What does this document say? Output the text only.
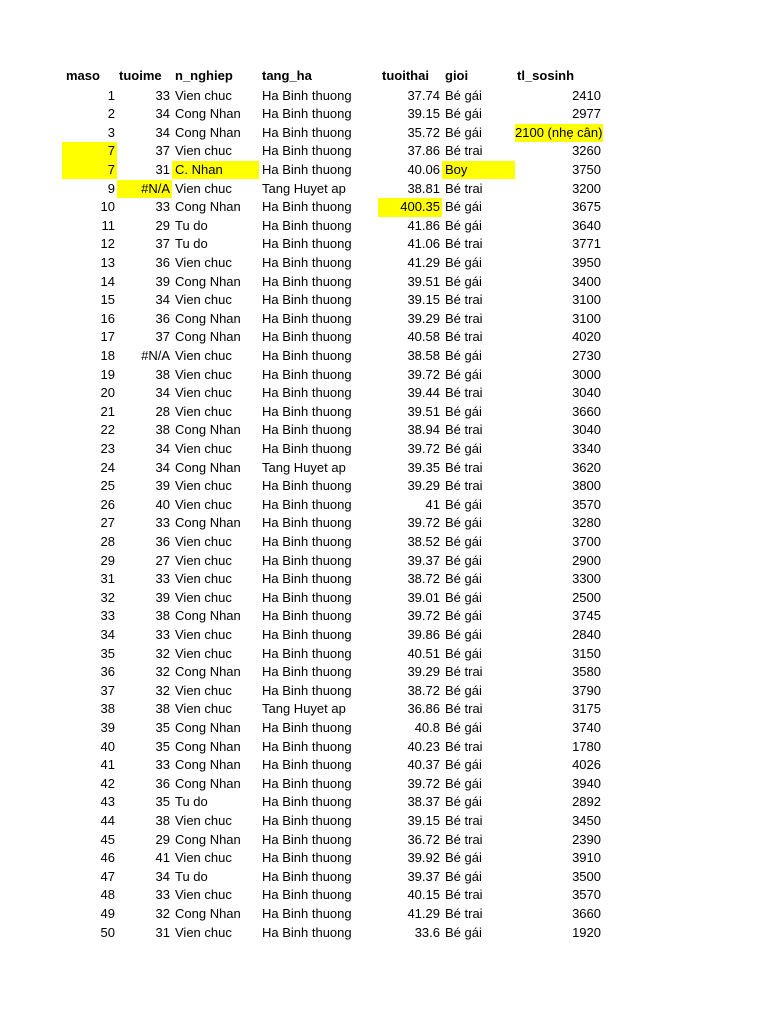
maso	tuoime	n_nghiep	tang_ha	tuoithai	gioi	tl_sosinh
1	33 Vien chuc	Ha Binh thuong	37.74 Bé gái	2410
2	34 Cong Nhan	Ha Binh thuong	39.15 Bé gái	2977
3	34 Cong Nhan	Ha Binh thuong	35.72 Bé gái	2100 (nhẹ cân)
7	37 Vien chuc	Ha Binh thuong	37.86 Bé trai	3260
7	31 C. Nhan	Ha Binh thuong	40.06 Boy	3750
9	#N/A Vien chuc	Tang Huyet ap	38.81 Bé trai	3200
10	33 Cong Nhan	Ha Binh thuong	400.35 Bé gái	3675
11	29 Tu do	Ha Binh thuong	41.86 Bé gái	3640
12	37 Tu do	Ha Binh thuong	41.06 Bé trai	3771
13	36 Vien chuc	Ha Binh thuong	41.29 Bé gái	3950
14	39 Cong Nhan	Ha Binh thuong	39.51 Bé gái	3400
15	34 Vien chuc	Ha Binh thuong	39.15 Bé trai	3100
16	36 Cong Nhan	Ha Binh thuong	39.29 Bé trai	3100
17	37 Cong Nhan	Ha Binh thuong	40.58 Bé trai	4020
18	#N/A Vien chuc	Ha Binh thuong	38.58 Bé gái	2730
19	38 Vien chuc	Ha Binh thuong	39.72 Bé gái	3000
20	34 Vien chuc	Ha Binh thuong	39.44 Bé trai	3040
21	28 Vien chuc	Ha Binh thuong	39.51 Bé gái	3660
22	38 Cong Nhan	Ha Binh thuong	38.94 Bé trai	3040
23	34 Vien chuc	Ha Binh thuong	39.72 Bé gái	3340
24	34 Cong Nhan	Tang Huyet ap	39.35 Bé trai	3620
25	39 Vien chuc	Ha Binh thuong	39.29 Bé trai	3800
26	40 Vien chuc	Ha Binh thuong	41 Bé gái	3570
27	33 Cong Nhan	Ha Binh thuong	39.72 Bé gái	3280
28	36 Vien chuc	Ha Binh thuong	38.52 Bé gái	3700
29	27 Vien chuc	Ha Binh thuong	39.37 Bé gái	2900
31	33 Vien chuc	Ha Binh thuong	38.72 Bé gái	3300
32	39 Vien chuc	Ha Binh thuong	39.01 Bé gái	2500
33	38 Cong Nhan	Ha Binh thuong	39.72 Bé gái	3745
34	33 Vien chuc	Ha Binh thuong	39.86 Bé gái	2840
35	32 Vien chuc	Ha Binh thuong	40.51 Bé gái	3150
36	32 Cong Nhan	Ha Binh thuong	39.29 Bé trai	3580
37	32 Vien chuc	Ha Binh thuong	38.72 Bé gái	3790
38	38 Vien chuc	Tang Huyet ap	36.86 Bé trai	3175
39	35 Cong Nhan	Ha Binh thuong	40.8 Bé gái	3740
40	35 Cong Nhan	Ha Binh thuong	40.23 Bé trai	1780
41	33 Cong Nhan	Ha Binh thuong	40.37 Bé gái	4026
42	36 Cong Nhan	Ha Binh thuong	39.72 Bé gái	3940
43	35 Tu do	Ha Binh thuong	38.37 Bé gái	2892
44	38 Vien chuc	Ha Binh thuong	39.15 Bé trai	3450
45	29 Cong Nhan	Ha Binh thuong	36.72 Bé trai	2390
46	41 Vien chuc	Ha Binh thuong	39.92 Bé gái	3910
47	34 Tu do	Ha Binh thuong	39.37 Bé gái	3500
48	33 Vien chuc	Ha Binh thuong	40.15 Bé trai	3570
49	32 Cong Nhan	Ha Binh thuong	41.29 Bé trai	3660
50	31 Vien chuc	Ha Binh thuong	33.6 Bé gái	1920
